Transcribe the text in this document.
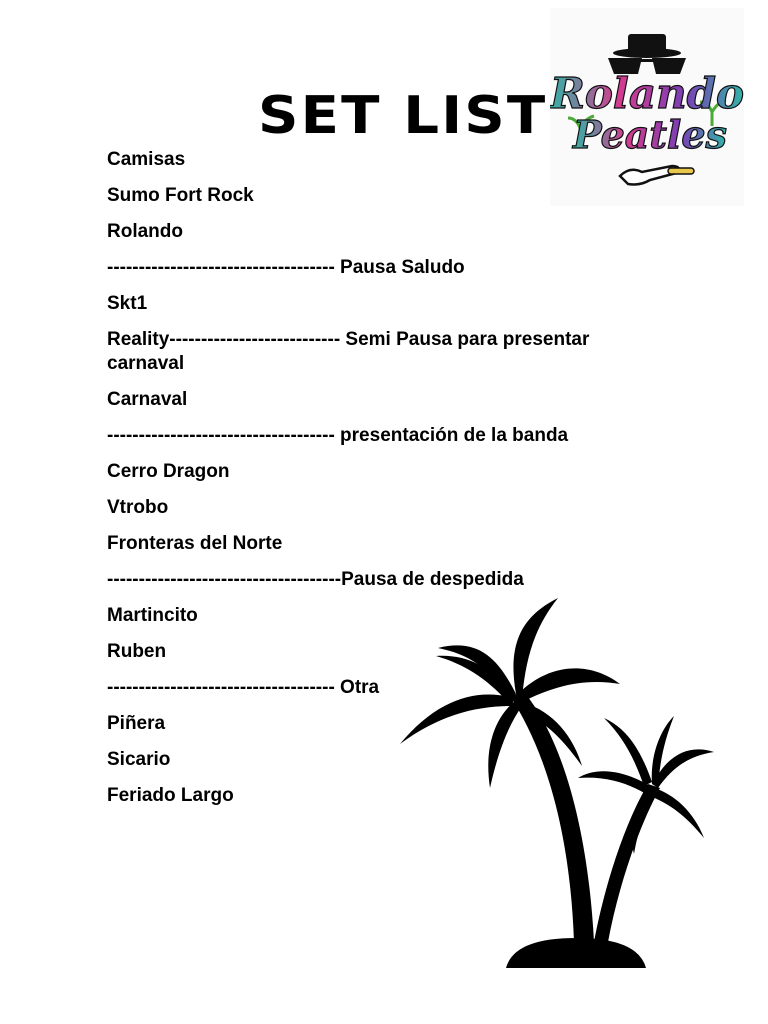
SET LIST Rolando
Peatles
Camisas
Sumo Fort Rock
Rolando
------------------------------------ Pausa Saludo
Skt1
Reality--------------------------- Semi Pausa para presentar carnaval
Carnaval
------------------------------------ presentación de la banda
Cerro Dragon
Vtrobo
Fronteras del Norte
-------------------------------------Pausa de despedida
Martincito
Ruben
------------------------------------ Otra
Piñera
Sicario
Feriado Largo
